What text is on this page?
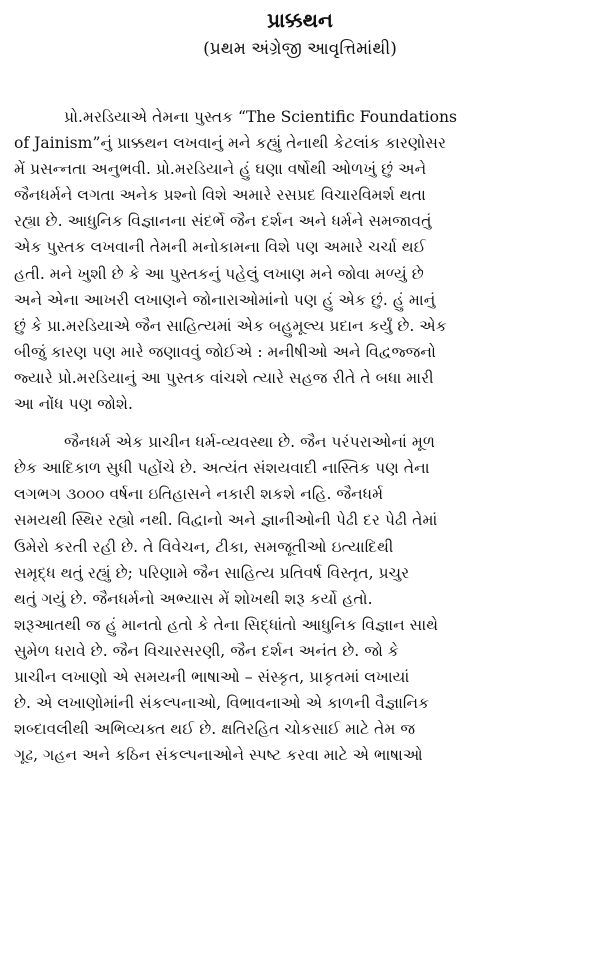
પ્રાક્કથન

(પ્રથમ અંગ્રેજી આવૃત્તિમાંથી)

પ્રો.મરડિયાએ તેમના પુસ્તક “The Scientific Foundations
of Jainism”નું પ્રાક્કથન લખવાનું મને કહ્યું તેનાથી કેટલાંક કારણોસર
મેં પ્રસન્નતા અનુભવી. પ્રો.મરડિયાને હું ઘણા વર્ષોથી ઓળખું છું અને
જૈનધર્મને લગતા અનેક પ્રશ્નો વિશે અમારે રસપ્રદ વિચારવિમર્શ થતા
રહ્યા છે. આધુનિક વિજ્ઞાનના સંદર્ભે જૈન દર્શન અને ધર્મને સમજાવતું
એક પુસ્તક લખવાની તેમની મનોકામના વિશે પણ અમારે ચર્ચા થઈ
હતી. મને ખુશી છે કે આ પુસ્તકનું પહેલું લખાણ મને જોવા મળ્યું છે
અને એના આખરી લખાણને જોનારાઓમાંનો પણ હું એક છું. હું માનું
છું કે પ્રા.મરડિયાએ જૈન સાહિત્યમાં એક બહુમૂલ્ય પ્રદાન કર્યું છે. એક
બીજું કારણ પણ મારે જણાવવું જોઈએ : મનીષીઓ અને વિદ્વજ્જનો
જ્યારે પ્રો.મરડિયાનું આ પુસ્તક વાંચશે ત્યારે સહજ રીતે તે બધા મારી
આ નોંધ પણ જોશે.
જૈનધર્મ એક પ્રાચીન ધર્મ-વ્યવસ્થા છે. જૈન પરંપરાઓનાં મૂળ
છેક આદિકાળ સુધી પહોંચે છે. અત્યંત સંશયવાદી નાસ્તિક પણ તેના
લગભગ ૩૦૦૦ વર્ષના ઇતિહાસને નકારી શકશે નહિ. જૈનધર્મ
સમયથી સ્થિર રહ્યો નથી. વિદ્વાનો અને જ્ઞાનીઓની પેઢી દર પેઢી તેમાં
ઉમેરો કરતી રહી છે. તે વિવેચન, ટીકા, સમજૂતીઓ ઇત્યાદિથી
સમૃદ્ધ થતું રહ્યું છે; પરિણામે જૈન સાહિત્ય પ્રતિવર્ષ વિસ્તૃત, પ્રચુર
થતું ગયું છે. જૈનધર્મનો અભ્યાસ મેં શોખથી શરૂ કર્યો હતો.
શરૂઆતથી જ હું માનતો હતો કે તેના સિદ્ધાંતો આધુનિક વિજ્ઞાન સાથે
સુમેળ ધરાવે છે. જૈન વિચારસરણી, જૈન દર્શન અનંત છે. જો કે
પ્રાચીન લખાણો એ સમયની ભાષાઓ – સંસ્કૃત, પ્રાકૃતમાં લખાયાં
છે. એ લખાણોમાંની સંકલ્પનાઓ, વિભાવનાઓ એ કાળની વૈજ્ઞાનિક
શબ્દાવલીથી અભિવ્યક્ત થઈ છે. ક્ષતિરહિત ચોકસાઈ માટે તેમ જ
ગૂઢ, ગહન અને કઠિન સંકલ્પનાઓને સ્પષ્ટ કરવા માટે એ ભાષાઓ
